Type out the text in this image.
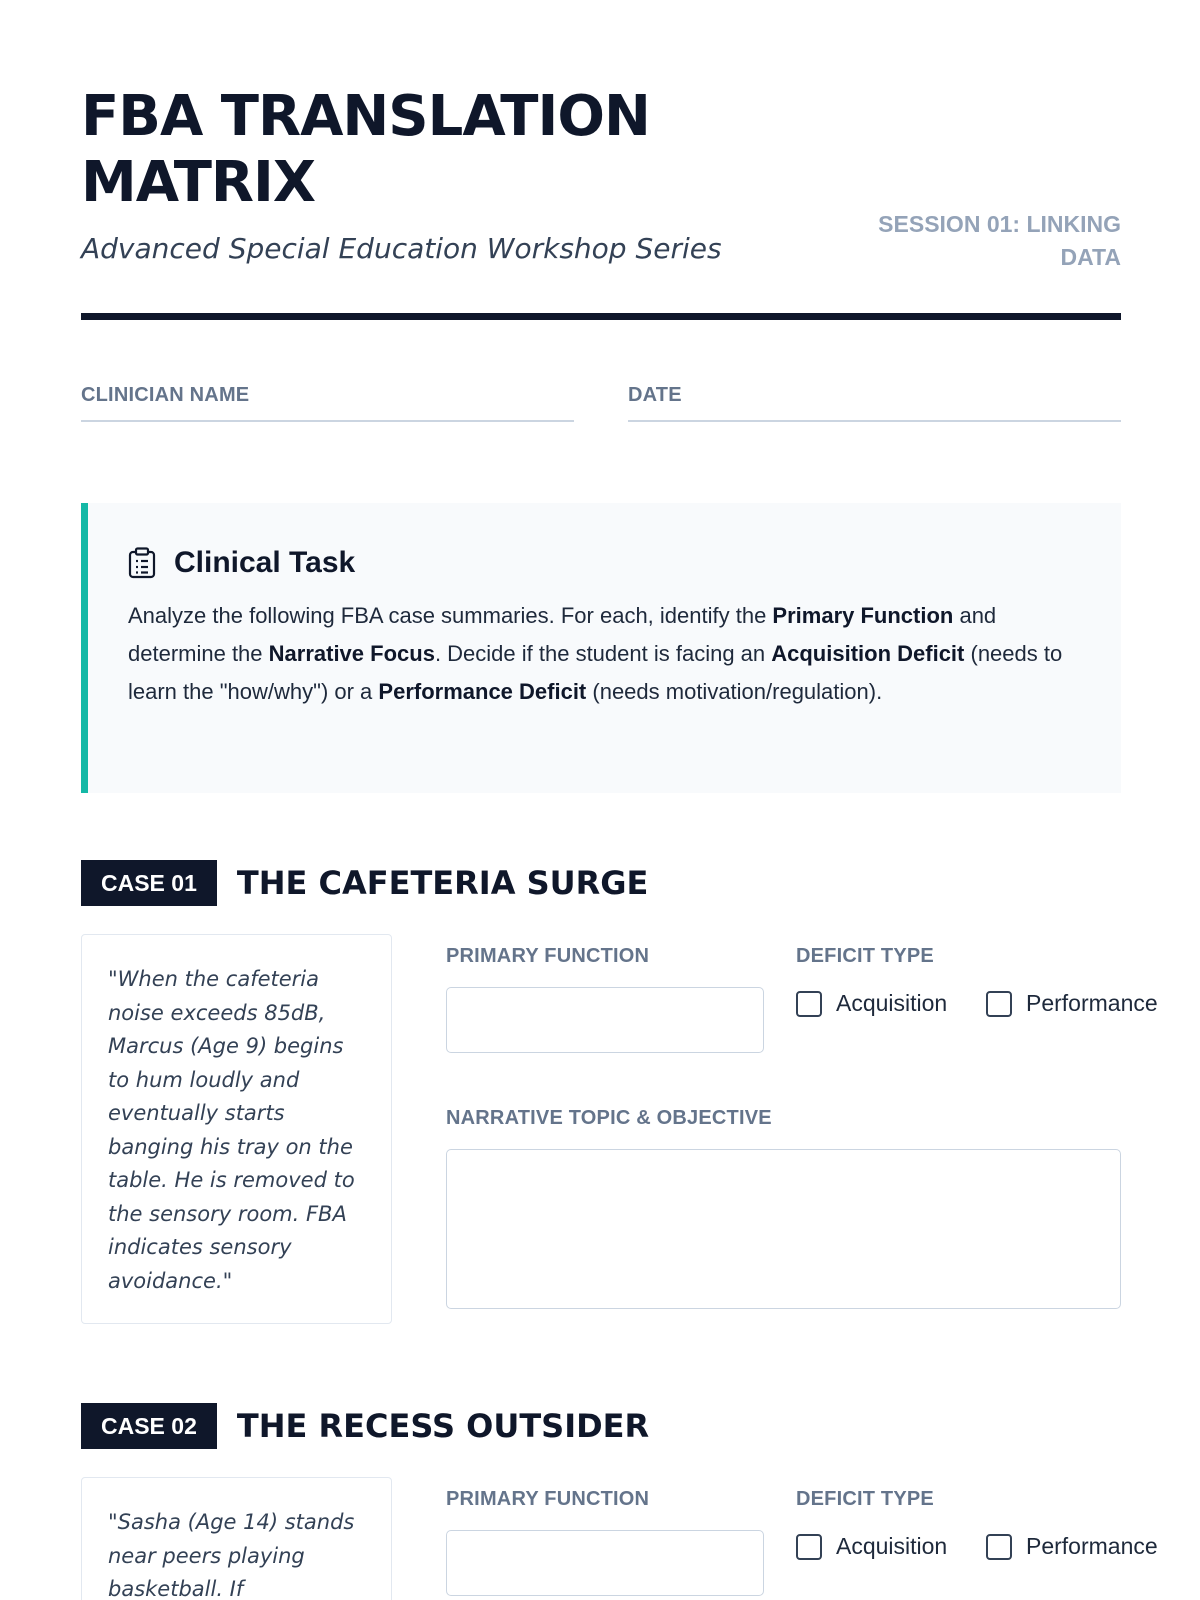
FBA TRANSLATION MATRIX
Advanced Special Education Workshop Series
SESSION 01: LINKING DATA
CLINICIAN NAME	DATE
Clinical Task

Analyze the following FBA case summaries. For each, identify the Primary Function and determine the Narrative Focus. Decide if the student is facing an Acquisition Deficit (needs to learn the "how/why") or a Performance Deficit (needs motivation/regulation).

CASE 01	THE CAFETERIA SURGE
"When the cafeteria noise exceeds 85dB, Marcus (Age 9) begins to hum loudly and eventually starts banging his tray on the table. He is removed to the sensory room. FBA indicates sensory avoidance."
PRIMARY FUNCTION	DEFICIT TYPE
Acquisition	Performance
NARRATIVE TOPIC & OBJECTIVE
CASE 02	THE RECESS OUTSIDER
"Sasha (Age 14) stands near peers playing basketball. If
PRIMARY FUNCTION	DEFICIT TYPE
Acquisition	Performance
